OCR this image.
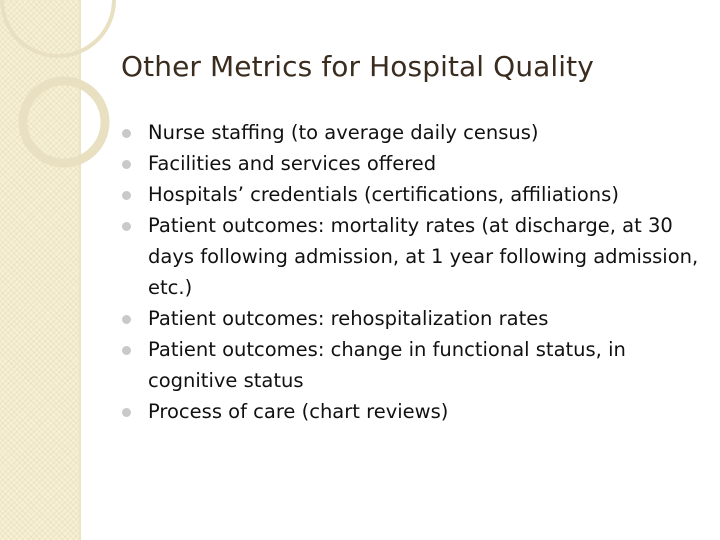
Other Metrics for Hospital Quality
Nurse staffing (to average daily census)
Facilities and services offered
Hospitals’ credentials (certifications, affiliations)
Patient outcomes: mortality rates (at discharge, at 30 days following admission, at 1 year following admission, etc.)
Patient outcomes: rehospitalization rates
Patient outcomes: change in functional status, in cognitive status
Process of care (chart reviews)
